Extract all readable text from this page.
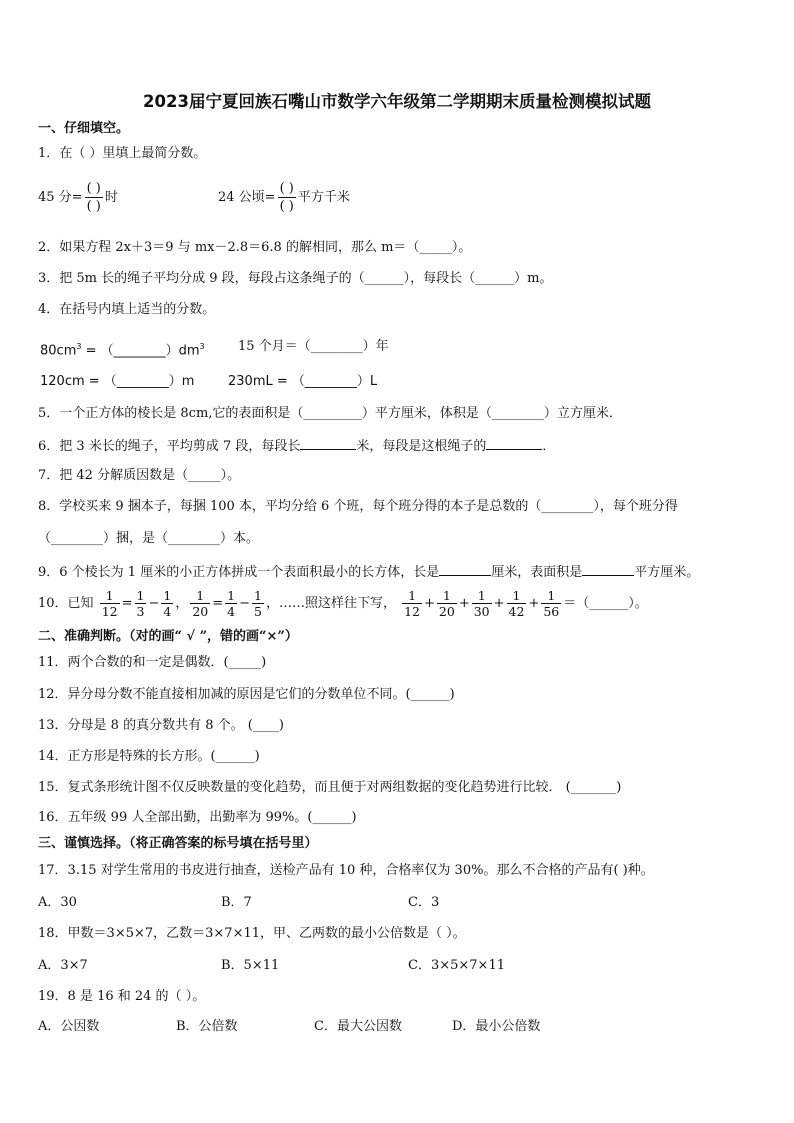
2023届宁夏回族石嘴山市数学六年级第二学期期末质量检测模拟试题
一、仔细填空。
1．在（ ）里填上最简分数。
45 分= $\frac{( )}{( )}$ 时	24 公顷= $\frac{( )}{( )}$ 平方千米
2．如果方程 2x＋3＝9 与 mx－2.8＝6.8 的解相同，那么 m＝（_____）。
3．把 5m 长的绳子平均分成 9 段，每段占这条绳子的（______），每段长（______）m。
4．在括号内填上适当的分数。
$80cm^3$ = $(\_\_\_\_\_\_\_\_)dm^3$	15 个月＝（________）年
120cm = （________）m	230mL = （________）L
5．一个正方体的棱长是 8cm,它的表面积是（_________）平方厘米，体积是（________）立方厘米．
6．把 3 米长的绳子，平均剪成 7 段，每段长	米，每段是这根绳子的	．
7．把 42 分解质因数是（_____）。
8．学校买来 9 捆本子，每捆 100 本，平均分给 6 个班，每个班分得的本子是总数的（________），每个班分得
（________）捆，是（________）本。
9．6 个棱长为 1 厘米的小正方体拼成一个表面积最小的长方体，长是	厘米，表面积是	平方厘米。
10．已知 $\frac{1}{12} = \frac{1}{3} - \frac{1}{4}$ ， $\frac{1}{20} = \frac{1}{4} - \frac{1}{5}$ ，……照这样往下写， $\frac{1}{12} + \frac{1}{20} + \frac{1}{30} + \frac{1}{42} + \frac{1}{56}$ ＝（______）。
二、准确判断。（对的画“ √ ”，错的画“×”）
11．两个合数的和一定是偶数．(_____)
12．异分母分数不能直接相加减的原因是它们的分数单位不同。(______)
13．分母是 8 的真分数共有 8 个。 (____)
14．正方形是特殊的长方形。(______)
15．复式条形统计图不仅反映数量的变化趋势，而且便于对两组数据的变化趋势进行比较． (_______)
16．五年级 99 人全部出勤，出勤率为 99%。(______)
三、谨慎选择。（将正确答案的标号填在括号里）
17．3.15 对学生常用的书皮进行抽查，送检产品有 10 种，合格率仅为 30%。那么不合格的产品有( )种。
A．30	B．7	C．3
18．甲数＝3×5×7，乙数＝3×7×11，甲、乙两数的最小公倍数是（ ）。
A．3×7	B．5×11	C．3×5×7×11
19．8 是 16 和 24 的（ ）。
A．公因数	B．公倍数	C．最大公因数	D．最小公倍数
